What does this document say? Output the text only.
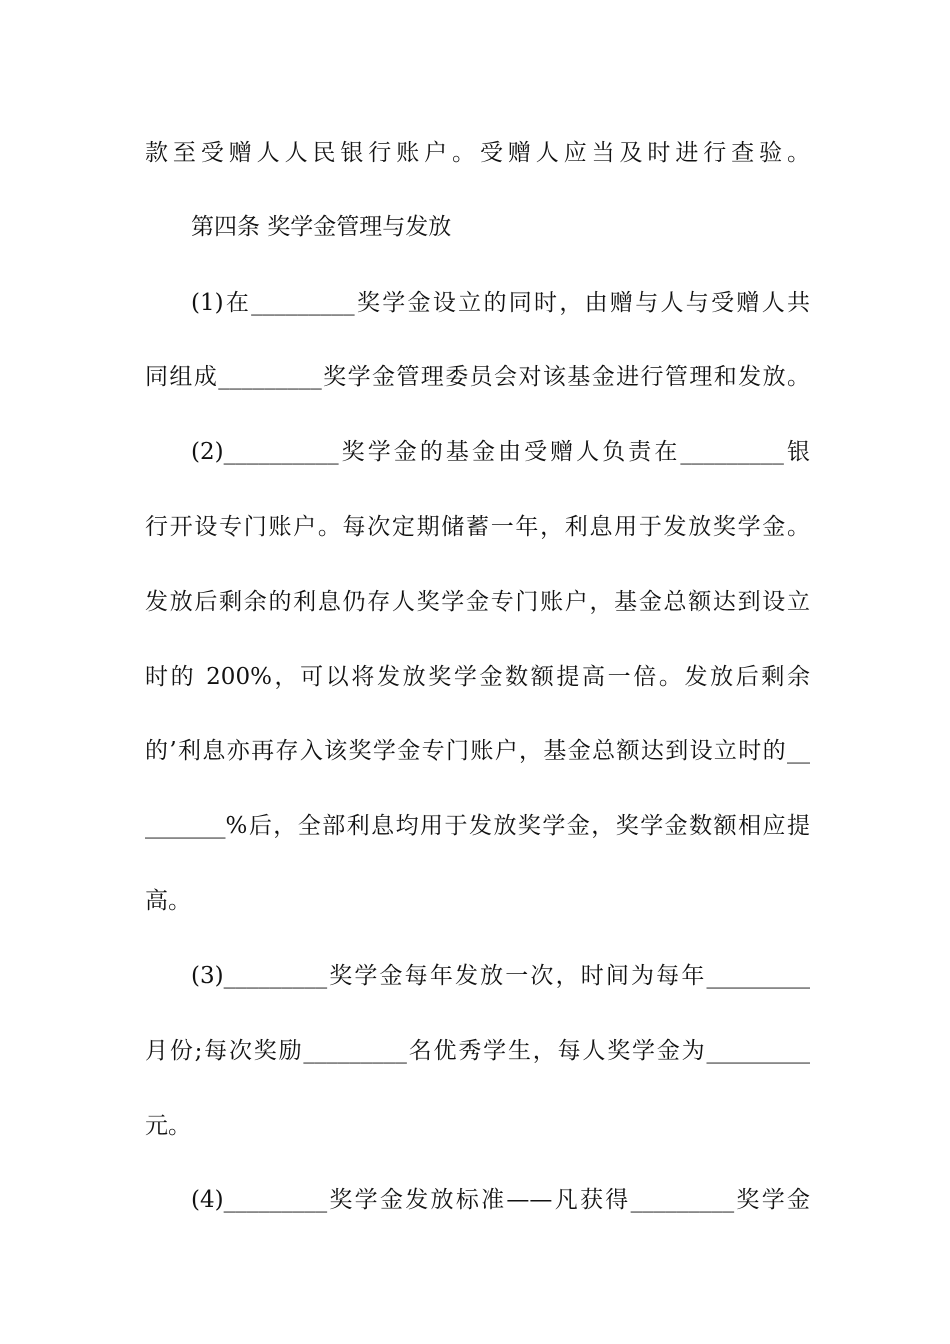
款至受赠人人民银行账户。受赠人应当及时进行查验。
第四条 奖学金管理与发放
(1)在_________奖学金设立的同时，由赠与人与受赠人共
同组成_________奖学金管理委员会对该基金进行管理和发放。
(2)__________奖学金的基金由受赠人负责在_________银
行开设专门账户。每次定期储蓄一年，利息用于发放奖学金。
发放后剩余的利息仍存人奖学金专门账户，基金总额达到设立
时的 200%，可以将发放奖学金数额提高一倍。发放后剩余
的’利息亦再存入该奖学金专门账户，基金总额达到设立时的__
_______%后，全部利息均用于发放奖学金，奖学金数额相应提
高。
(3)_________奖学金每年发放一次，时间为每年_________
月份;每次奖励_________名优秀学生，每人奖学金为_________
元。
(4)_________奖学金发放标准——凡获得_________奖学金
